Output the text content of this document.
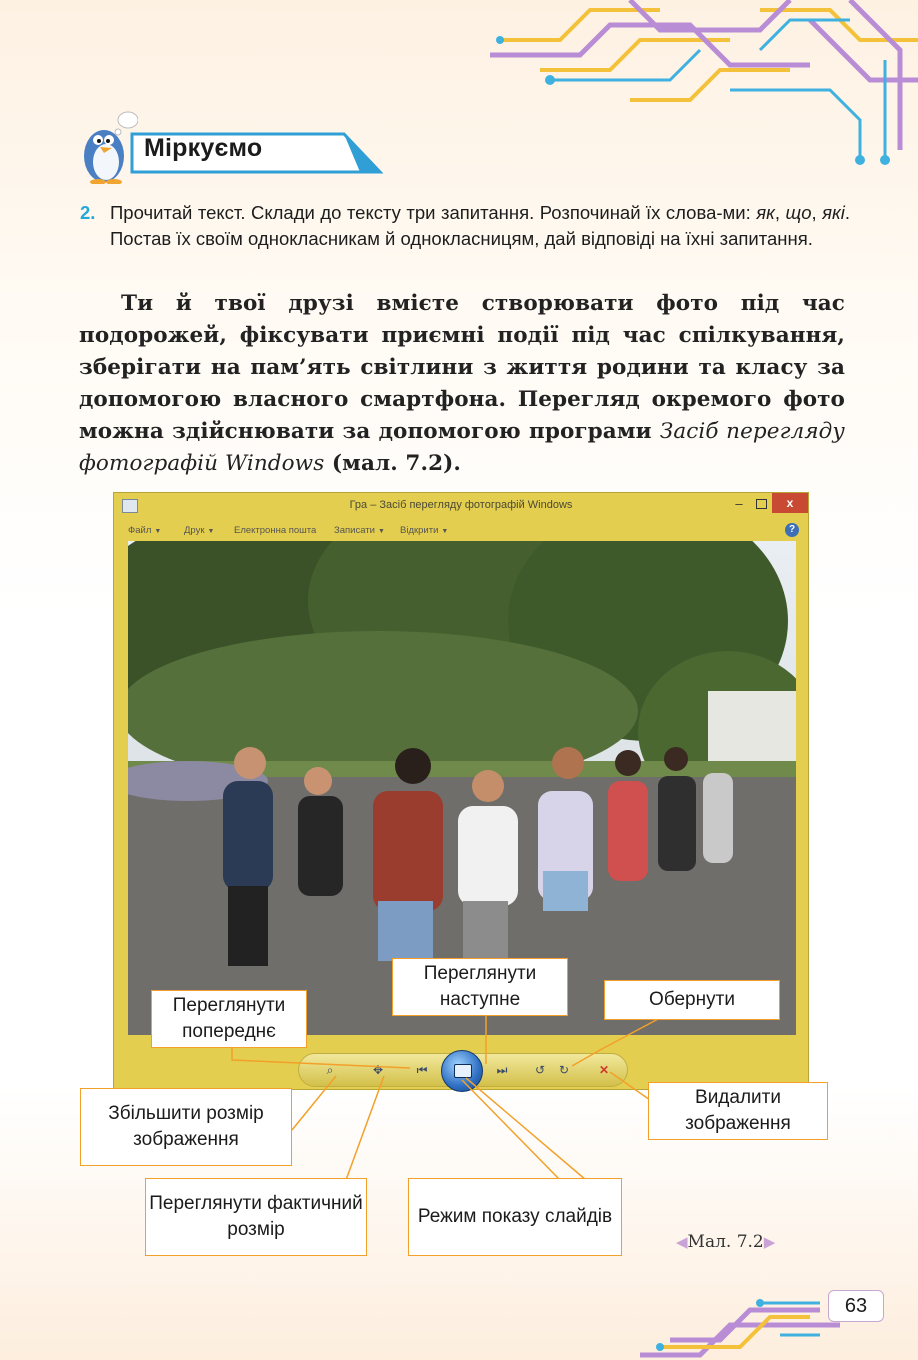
Міркуємо
2. Прочитай текст. Склади до тексту три запитання. Розпочинай їх слова-ми: як, що, які. Постав їх своїм однокласникам й однокласницям, дай відповіді на їхні запитання.
Ти й твої друзі вмієте створювати фото під час подорожей, фіксувати приємні події під час спілкування, зберігати на пам’ять світлини з життя родини та класу за допомогою власного смартфона. Перегляд окремого фото можна здійснювати за допомогою програми Засіб перегляду фотографій Windows (мал. 7.2).
Гра – Засіб перегляду фотографій Windows	–	x
Файл ▼ Друк ▼ Електронна пошта Записати ▼ Відкрити ▼	?
⌕	✥	⏮	⏭	↺	↻	✕
Переглянути попереднє
Переглянути наступне	Обернути
Збільшити розмір зображення
Видалити зображення
Переглянути фактичний розмір
Режим показу слайдів
◀Мал. 7.2▶
63
